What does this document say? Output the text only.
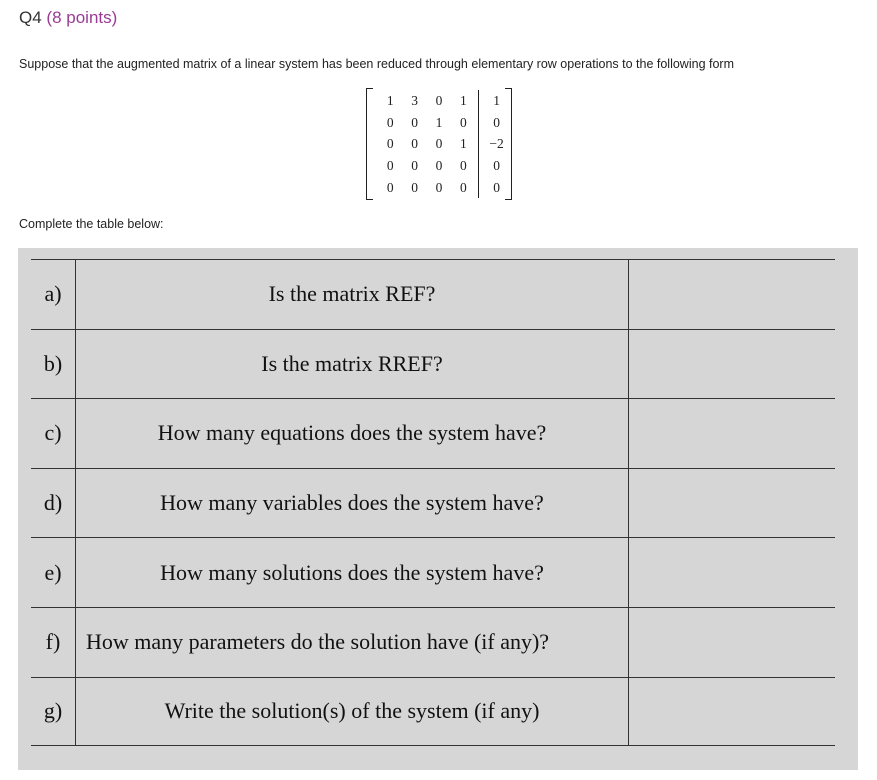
Q4 (8 points)
Suppose that the augmented matrix of a linear system has been reduced through elementary row operations to the following form
1	3	0	1	1
0	0	1	0	0
0	0	0	1	−2
0	0	0	0	0
0	0	0	0	0
Complete the table below:
a)	Is the matrix REF?
b)	Is the matrix RREF?
c)	How many equations does the system have?
d)	How many variables does the system have?
e)	How many solutions does the system have?
f)	How many parameters do the solution have (if any)?
g)	Write the solution(s) of the system (if any)
